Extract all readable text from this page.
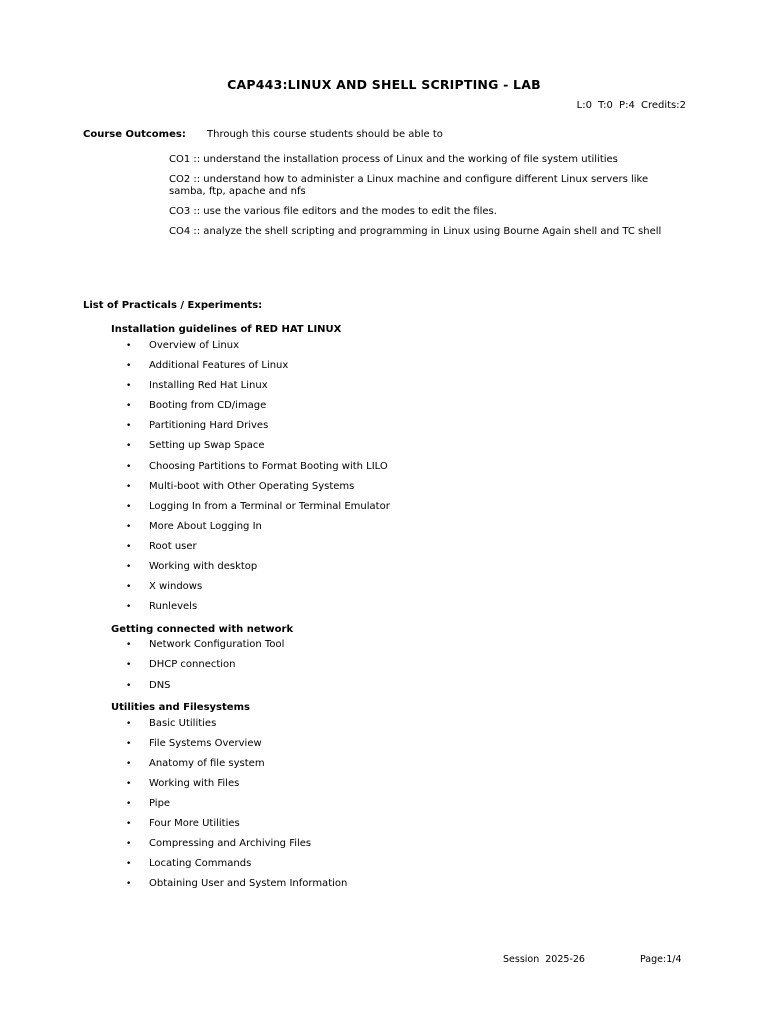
CAP443:LINUX AND SHELL SCRIPTING - LAB
L:0 T:0 P:4 Credits:2
Course Outcomes: Through this course students should be able to
CO1 :: understand the installation process of Linux and the working of file system utilities
CO2 :: understand how to administer a Linux machine and configure different Linux servers like samba, ftp, apache and nfs
CO3 :: use the various file editors and the modes to edit the files.
CO4 :: analyze the shell scripting and programming in Linux using Bourne Again shell and TC shell
List of Practicals / Experiments:
Installation guidelines of RED HAT LINUX
• Overview of Linux
• Additional Features of Linux
• Installing Red Hat Linux
• Booting from CD/image
• Partitioning Hard Drives
• Setting up Swap Space
• Choosing Partitions to Format Booting with LILO
• Multi-boot with Other Operating Systems
• Logging In from a Terminal or Terminal Emulator
• More About Logging In
• Root user
• Working with desktop
• X windows
• Runlevels
Getting connected with network
• Network Configuration Tool
• DHCP connection
• DNS
Utilities and Filesystems
• Basic Utilities
• File Systems Overview
• Anatomy of file system
• Working with Files
• Pipe
• Four More Utilities
• Compressing and Archiving Files
• Locating Commands
• Obtaining User and System Information
Session 2025-26	Page:1/4
